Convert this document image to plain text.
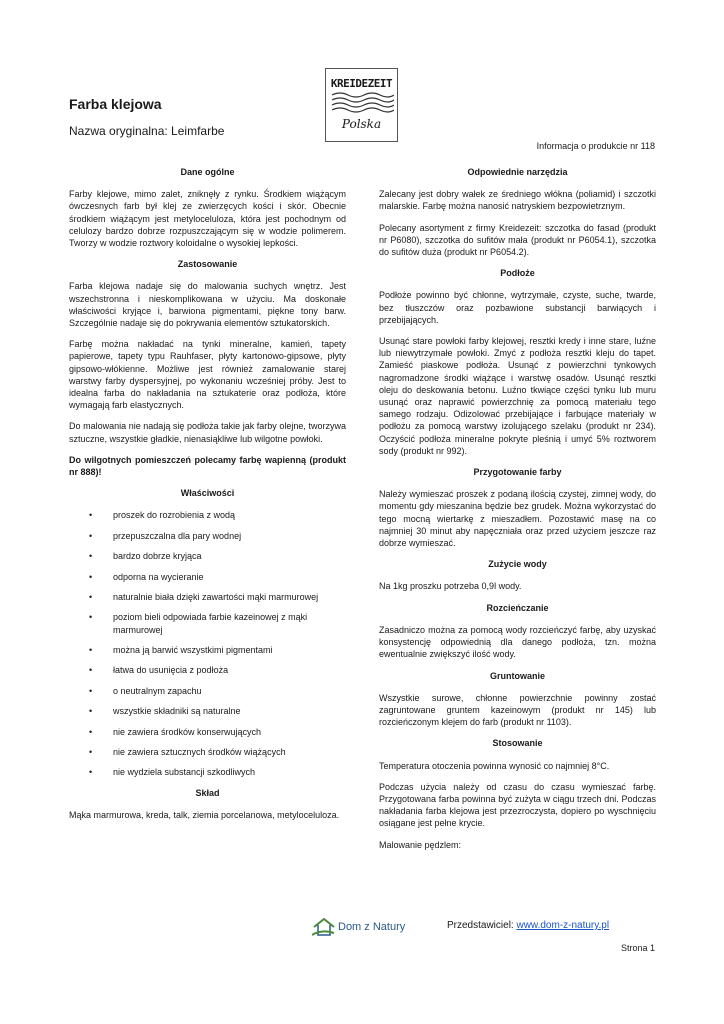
Farba klejowa
Nazwa oryginalna: Leimfarbe
KREIDEZEIT
Polska
Informacja o produkcie nr 118
Dane ogólne
Farby klejowe, mimo zalet, zniknęły z rynku. Środkiem wiążącym ówczesnych farb był klej ze zwierzęcych kości i skór. Obecnie środkiem wiążącym jest metyloceluloza, która jest pochodnym od celulozy bardzo dobrze rozpuszczającym się w wodzie polimerem. Tworzy w wodzie roztwory koloidalne o wysokiej lepkości.
Zastosowanie
Farba klejowa nadaje się do malowania suchych wnętrz. Jest wszechstronna i nieskomplikowana w użyciu. Ma doskonałe właściwości kryjące i, barwiona pigmentami, piękne tony barw. Szczególnie nadaje się do pokrywania elementów sztukatorskich.
Farbę można nakładać na tynki mineralne, kamień, tapety papierowe, tapety typu Rauhfaser, płyty kartonowo-gipsowe, płyty gipsowo-włókienne. Możliwe jest również zamalowanie starej warstwy farby dyspersyjnej, po wykonaniu wcześniej próby. Jest to idealna farba do nakładania na sztukaterie oraz podłoża, które wymagają farb elastycznych.
Do malowania nie nadają się podłoża takie jak farby olejne, tworzywa sztuczne, wszystkie gładkie, nienasiąkliwe lub wilgotne powłoki.
Do wilgotnych pomieszczeń polecamy farbę wapienną (produkt nr 888)!
Właściwości
• proszek do rozrobienia z wodą
• przepuszczalna dla pary wodnej
• bardzo dobrze kryjąca
• odporna na wycieranie
• naturalnie biała dzięki zawartości mąki marmurowej
• poziom bieli odpowiada farbie kazeinowej z mąki marmurowej
• można ją barwić wszystkimi pigmentami
• łatwa do usunięcia z podłoża
• o neutralnym zapachu
• wszystkie składniki są naturalne
• nie zawiera środków konserwujących
• nie zawiera sztucznych środków wiążących
• nie wydziela substancji szkodliwych
Skład
Mąka marmurowa, kreda, talk, ziemia porcelanowa, metyloceluloza.
Odpowiednie narzędzia
Zalecany jest dobry wałek ze średniego włókna (poliamid) i szczotki malarskie. Farbę można nanosić natryskiem bezpowietrznym.
Polecany asortyment z firmy Kreidezeit: szczotka do fasad (produkt nr P6080), szczotka do sufitów mała (produkt nr P6054.1), szczotka do sufitów duża (produkt nr P6054.2).
Podłoże
Podłoże powinno być chłonne, wytrzymałe, czyste, suche, twarde, bez tłuszczów oraz pozbawione substancji barwiących i przebijających.
Usunąć stare powłoki farby klejowej, resztki kredy i inne stare, luźne lub niewytrzymałe powłoki. Zmyć z podłoża resztki kleju do tapet. Zamieść piaskowe podłoża. Usunąć z powierzchni tynkowych nagromadzone środki wiążące i warstwę osadów. Usunąć resztki oleju do deskowania betonu. Luźno tkwiące części tynku lub muru usunąć oraz naprawić powierzchnię za pomocą materiału tego samego rodzaju. Odizolować przebijające i farbujące materiały w podłożu za pomocą warstwy izolującego szelaku (produkt nr 234). Oczyścić podłoża mineralne pokryte pleśnią i umyć 5% roztworem sody (produkt nr 992).
Przygotowanie farby
Należy wymieszać proszek z podaną ilością czystej, zimnej wody, do momentu gdy mieszanina będzie bez grudek. Można wykorzystać do tego mocną wiertarkę z mieszadłem. Pozostawić masę na co najmniej 30 minut aby napęczniała oraz przed użyciem jeszcze raz dobrze wymieszać.
Zużycie wody
Na 1kg proszku potrzeba 0,9l wody.
Rozcieńczanie
Zasadniczo można za pomocą wody rozcieńczyć farbę, aby uzyskać konsystencję odpowiednią dla danego podłoża, tzn. można ewentualnie zwiększyć ilość wody.
Gruntowanie
Wszystkie surowe, chłonne powierzchnie powinny zostać zagruntowane gruntem kazeinowym (produkt nr 145) lub rozcieńczonym klejem do farb (produkt nr 1103).
Stosowanie
Temperatura otoczenia powinna wynosić co najmniej 8°C.
Podczas użycia należy od czasu do czasu wymieszać farbę. Przygotowana farba powinna być zużyta w ciągu trzech dni. Podczas nakładania farba klejowa jest przezroczysta, dopiero po wyschnięciu osiągane jest pełne krycie.
Malowanie pędzlem:
Dom z Natury	Przedstawiciel: www.dom-z-natury.pl
Strona 1
